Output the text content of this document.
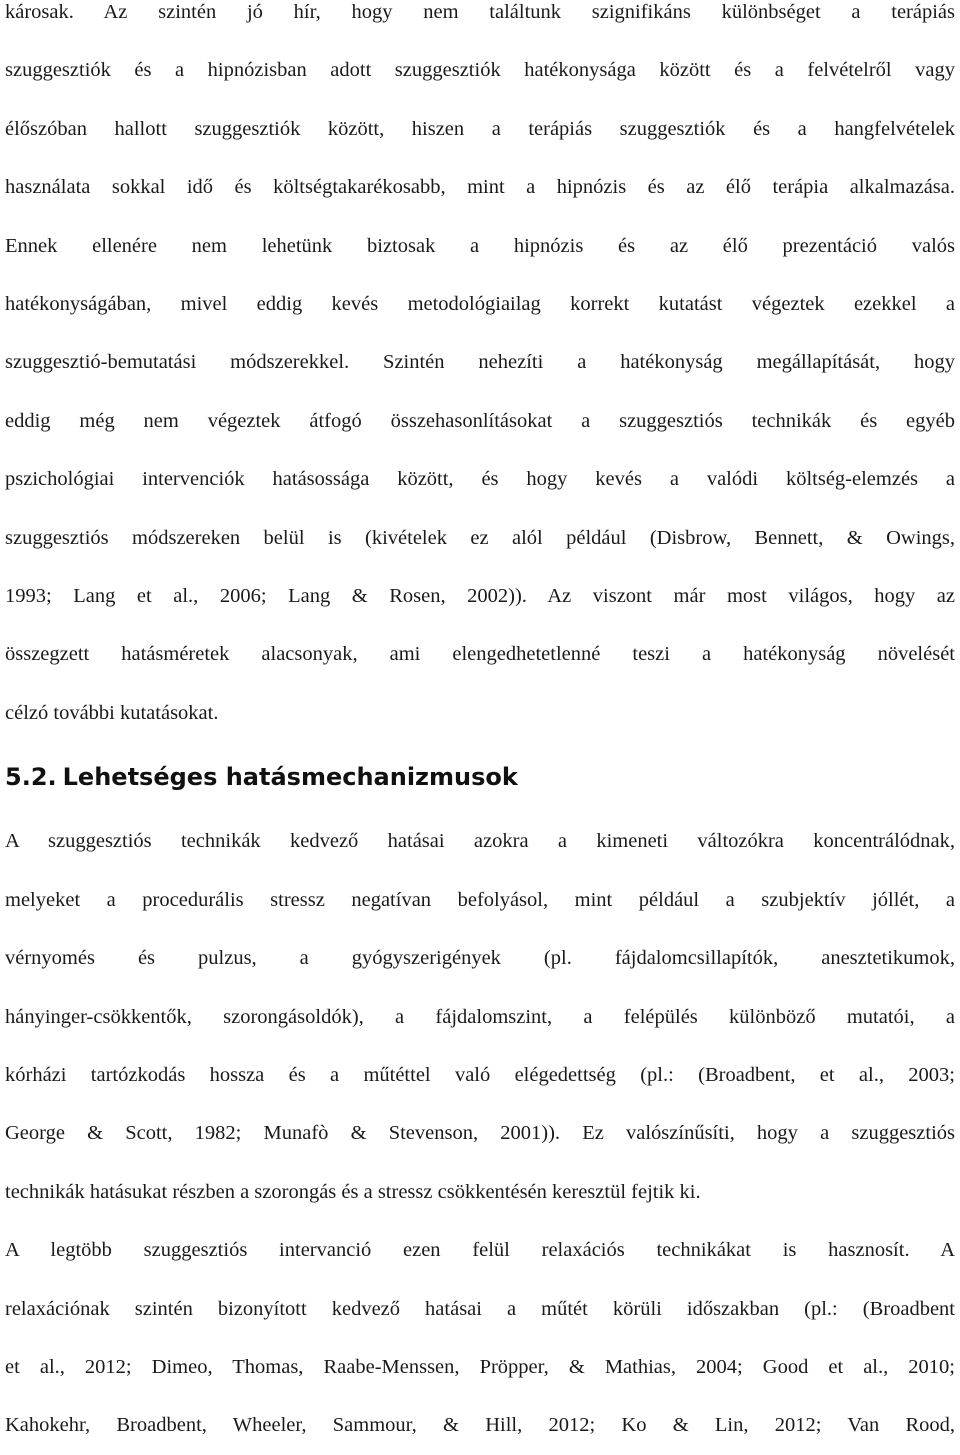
károsak. Az szintén jó hír, hogy nem találtunk szignifikáns különbséget a terápiás
szuggesztiók és a hipnózisban adott szuggesztiók hatékonysága között és a felvételről vagy
élőszóban hallott szuggesztiók között, hiszen a terápiás szuggesztiók és a hangfelvételek
használata sokkal idő és költségtakarékosabb, mint a hipnózis és az élő terápia alkalmazása.
Ennek ellenére nem lehetünk biztosak a hipnózis és az élő prezentáció valós
hatékonyságában, mivel eddig kevés metodológiailag korrekt kutatást végeztek ezekkel a
szuggesztió-bemutatási módszerekkel. Szintén nehezíti a hatékonyság megállapítását, hogy
eddig még nem végeztek átfogó összehasonlításokat a szuggesztiós technikák és egyéb
pszichológiai intervenciók hatásossága között, és hogy kevés a valódi költség-elemzés a
szuggesztiós módszereken belül is (kivételek ez alól például (Disbrow, Bennett, & Owings,
1993; Lang et al., 2006; Lang & Rosen, 2002)). Az viszont már most világos, hogy az
összegzett hatásméretek alacsonyak, ami elengedhetetlenné teszi a hatékonyság növelését
célzó további kutatásokat.
5.2. Lehetséges hatásmechanizmusok
A szuggesztiós technikák kedvező hatásai azokra a kimeneti változókra koncentrálódnak,
melyeket a procedurális stressz negatívan befolyásol, mint például a szubjektív jóllét, a
vérnyomés és pulzus, a gyógyszerigények (pl. fájdalomcsillapítók, anesztetikumok,
hányinger-csökkentők, szorongásoldók), a fájdalomszint, a felépülés különböző mutatói, a
kórházi tartózkodás hossza és a műtéttel való elégedettség (pl.: (Broadbent, et al., 2003;
George & Scott, 1982; Munafò & Stevenson, 2001)). Ez valószínűsíti, hogy a szuggesztiós
technikák hatásukat részben a szorongás és a stressz csökkentésén keresztül fejtik ki.
A legtöbb szuggesztiós intervanció ezen felül relaxációs technikákat is hasznosít. A
relaxációnak szintén bizonyított kedvező hatásai a műtét körüli időszakban (pl.: (Broadbent
et al., 2012; Dimeo, Thomas, Raabe-Menssen, Pröpper, & Mathias, 2004; Good et al., 2010;
Kahokehr, Broadbent, Wheeler, Sammour, & Hill, 2012; Ko & Lin, 2012; Van Rood,
